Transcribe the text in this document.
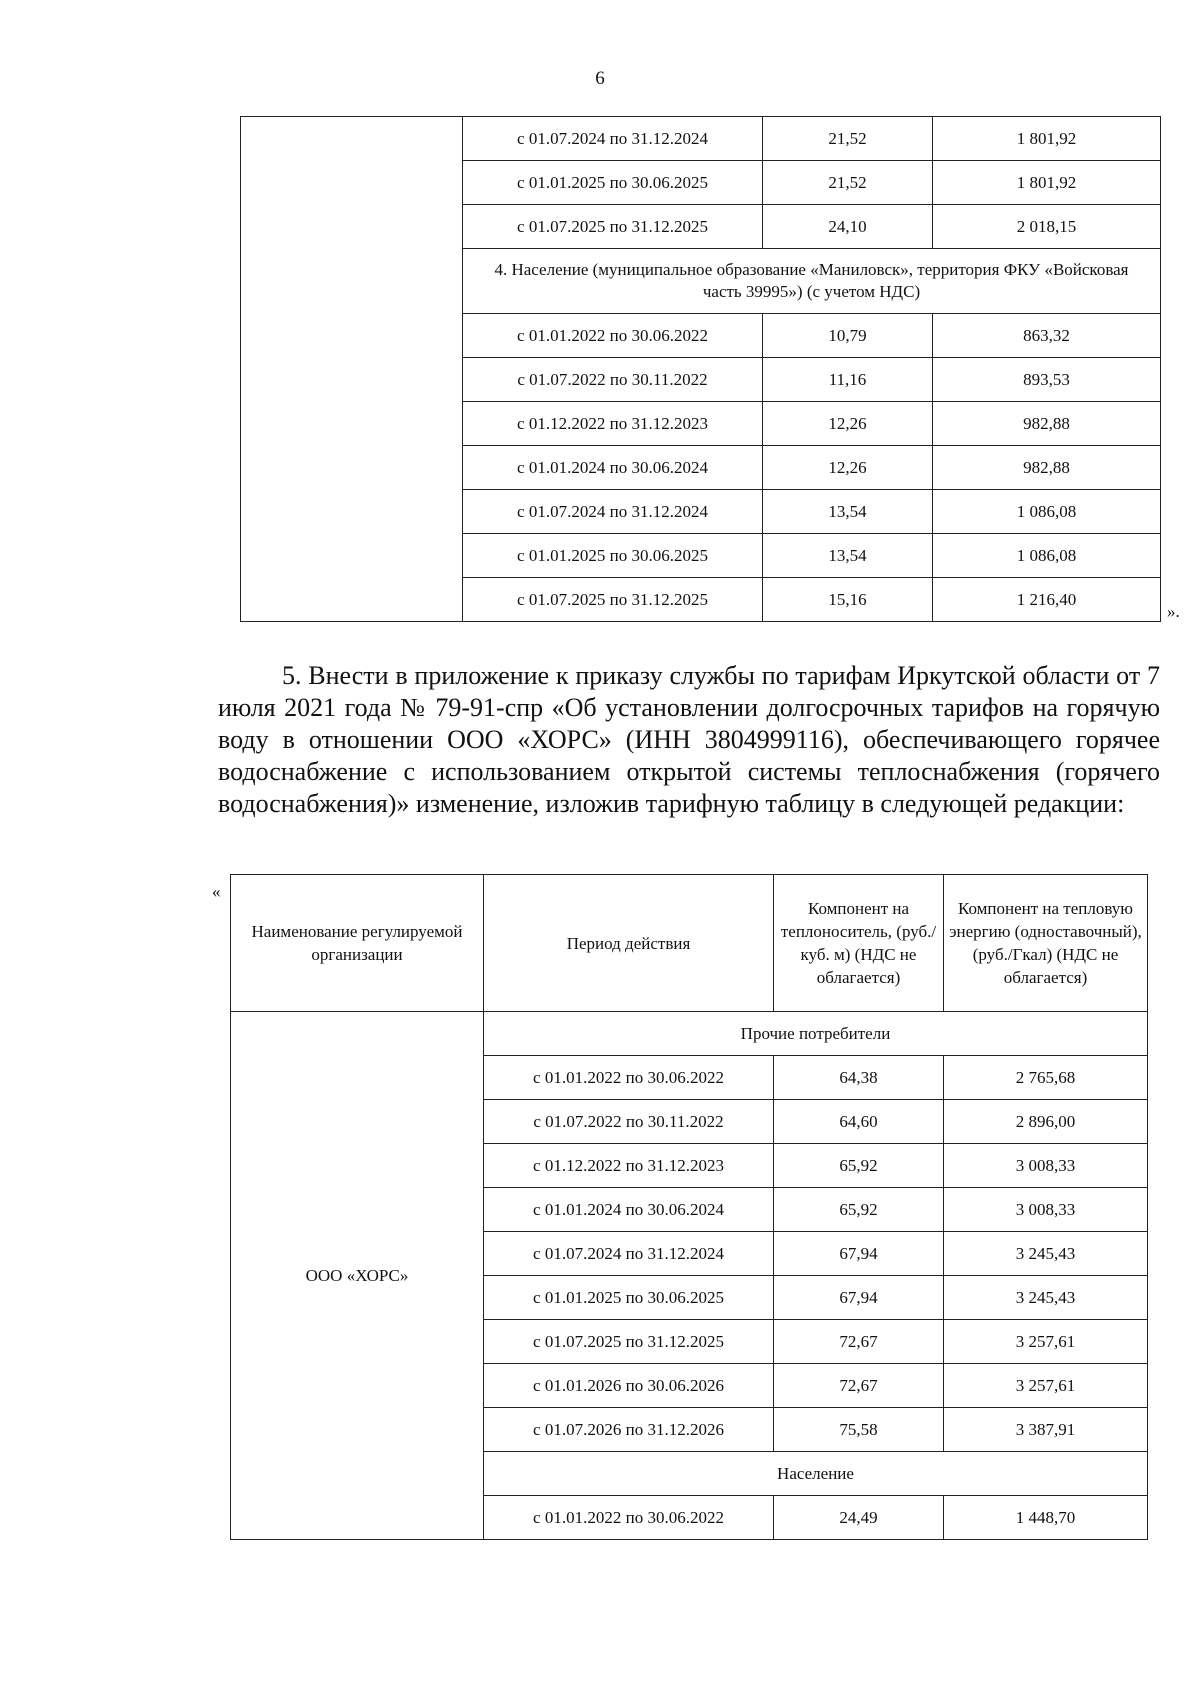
6
	с 01.07.2024 по 31.12.2024	21,52	1 801,92
	с 01.01.2025 по 30.06.2025	21,52	1 801,92
	с 01.07.2025 по 31.12.2025	24,10	2 018,15
	4. Население (муниципальное образование «Маниловск», территория ФКУ «Войсковая часть 39995») (с учетом НДС)		
	с 01.01.2022 по 30.06.2022	10,79	863,32
	с 01.07.2022 по 30.11.2022	11,16	893,53
	с 01.12.2022 по 31.12.2023	12,26	982,88
	с 01.01.2024 по 30.06.2024	12,26	982,88
	с 01.07.2024 по 31.12.2024	13,54	1 086,08
	с 01.01.2025 по 30.06.2025	13,54	1 086,08
	с 01.07.2025 по 31.12.2025	15,16	1 216,40
».

5. Внести в приложение к приказу службы по тарифам Иркутской области от 7 июля 2021 года № 79-91-спр «Об установлении долгосрочных тарифов на горячую воду в отношении ООО «ХОРС» (ИНН 3804999116), обеспечивающего горячее водоснабжение с использованием открытой системы теплоснабжения (горячего водоснабжения)» изменение, изложив тарифную таблицу в следующей редакции:

«
Наименование регулируемой организации	Период действия	Компонент на теплоноситель, (руб./куб. м) (НДС не облагается)	Компонент на тепловую энергию (одноставочный), (руб./Гкал) (НДС не облагается)
ООО «ХОРС»	Прочие потребители		
	с 01.01.2022 по 30.06.2022	64,38	2 765,68
	с 01.07.2022 по 30.11.2022	64,60	2 896,00
	с 01.12.2022 по 31.12.2023	65,92	3 008,33
	с 01.01.2024 по 30.06.2024	65,92	3 008,33
	с 01.07.2024 по 31.12.2024	67,94	3 245,43
	с 01.01.2025 по 30.06.2025	67,94	3 245,43
	с 01.07.2025 по 31.12.2025	72,67	3 257,61
	с 01.01.2026 по 30.06.2026	72,67	3 257,61
	с 01.07.2026 по 31.12.2026	75,58	3 387,91
	Население		
	с 01.01.2022 по 30.06.2022	24,49	1 448,70
